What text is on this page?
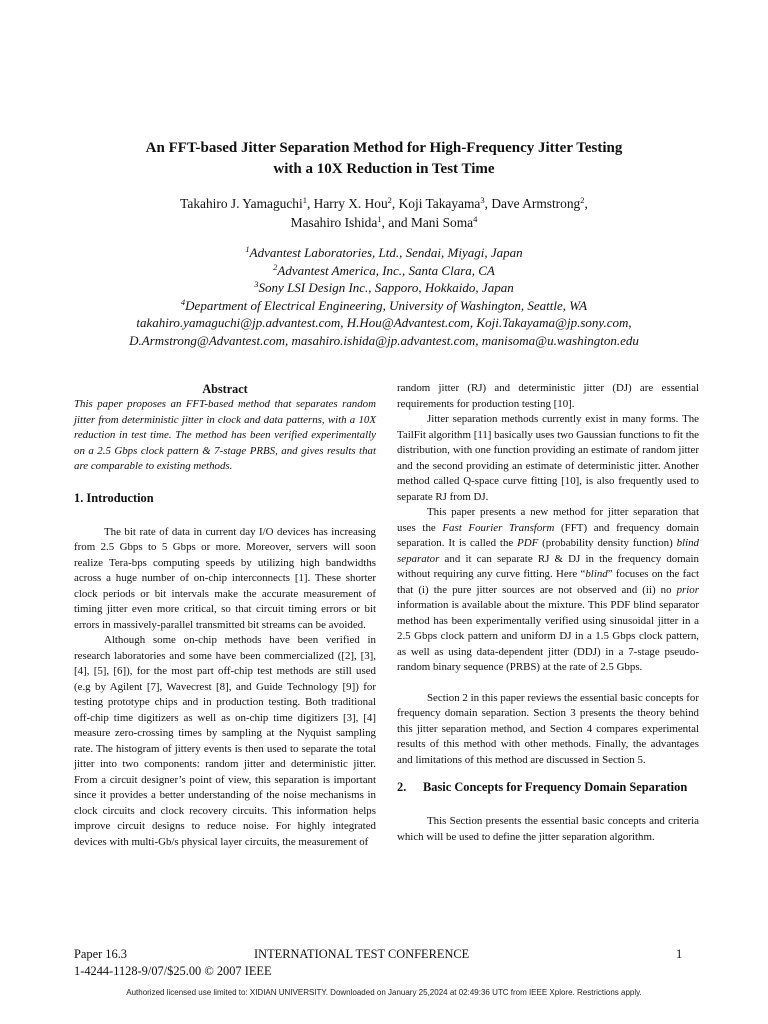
An FFT-based Jitter Separation Method for High-Frequency Jitter Testing
with a 10X Reduction in Test Time
Takahiro J. Yamaguchi$^1$, Harry X. Hou$^2$, Koji Takayama$^3$, Dave Armstrong$^2$,
Masahiro Ishida$^1$, and Mani Soma$^4$
$^1$Advantest Laboratories, Ltd., Sendai, Miyagi, Japan
$^2$Advantest America, Inc., Santa Clara, CA
$^3$Sony LSI Design Inc., Sapporo, Hokkaido, Japan
$^4$Department of Electrical Engineering, University of Washington, Seattle, WA
takahiro.yamaguchi@jp.advantest.com, H.Hou@Advantest.com, Koji.Takayama@jp.sony.com,
D.Armstrong@Advantest.com, masahiro.ishida@jp.advantest.com, manisoma@u.washington.edu
Abstract

This paper proposes an FFT-based method that separates random jitter from deterministic jitter in clock and data patterns, with a 10X reduction in test time. The method has been verified experimentally on a 2.5 Gbps clock pattern & 7-stage PRBS, and gives results that are comparable to existing methods.

1. Introduction

The bit rate of data in current day I/O devices has increasing from 2.5 Gbps to 5 Gbps or more. Moreover, servers will soon realize Tera-bps computing speeds by utilizing high bandwidths across a huge number of on-chip interconnects [1]. These shorter clock periods or bit intervals make the accurate measurement of timing jitter even more critical, so that circuit timing errors or bit errors in massively-parallel transmitted bit streams can be avoided.

Although some on-chip methods have been verified in research laboratories and some have been commercialized ([2], [3], [4], [5], [6]), for the most part off-chip test methods are still used (e.g by Agilent [7], Wavecrest [8], and Guide Technology [9]) for testing prototype chips and in production testing. Both traditional off-chip time digitizers as well as on-chip time digitizers [3], [4] measure zero-crossing times by sampling at the Nyquist sampling rate. The histogram of jittery events is then used to separate the total jitter into two components: random jitter and deterministic jitter. From a circuit designer’s point of view, this separation is important since it provides a better understanding of the noise mechanisms in clock circuits and clock recovery circuits. This information helps improve circuit designs to reduce noise. For highly integrated devices with multi-Gb/s physical layer circuits, the measurement of

random jitter (RJ) and deterministic jitter (DJ) are essential requirements for production testing [10].

Jitter separation methods currently exist in many forms. The TailFit algorithm [11] basically uses two Gaussian functions to fit the distribution, with one function providing an estimate of random jitter and the second providing an estimate of deterministic jitter. Another method called Q-space curve fitting [10], is also frequently used to separate RJ from DJ.

This paper presents a new method for jitter separation that uses the Fast Fourier Transform (FFT) and frequency domain separation. It is called the PDF (probability density function) blind separator and it can separate RJ & DJ in the frequency domain without requiring any curve fitting. Here “blind” focuses on the fact that (i) the pure jitter sources are not observed and (ii) no prior information is available about the mixture. This PDF blind separator method has been experimentally verified using sinusoidal jitter in a 2.5 Gbps clock pattern and uniform DJ in a 1.5 Gbps clock pattern, as well as using data-dependent jitter (DDJ) in a 7-stage pseudo-random binary sequence (PRBS) at the rate of 2.5 Gbps.

Section 2 in this paper reviews the essential basic concepts for frequency domain separation. Section 3 presents the theory behind this jitter separation method, and Section 4 compares experimental results of this method with other methods. Finally, the advantages and limitations of this method are discussed in Section 5.

2.	Basic Concepts for Frequency Domain Separation

This Section presents the essential basic concepts and criteria which will be used to define the jitter separation algorithm.

Paper 16.3
1-4244-1128-9/07/$25.00 © 2007 IEEE
INTERNATIONAL TEST CONFERENCE	1
Authorized licensed use limited to: XIDIAN UNIVERSITY. Downloaded on January 25,2024 at 02:49:36 UTC from IEEE Xplore. Restrictions apply.
